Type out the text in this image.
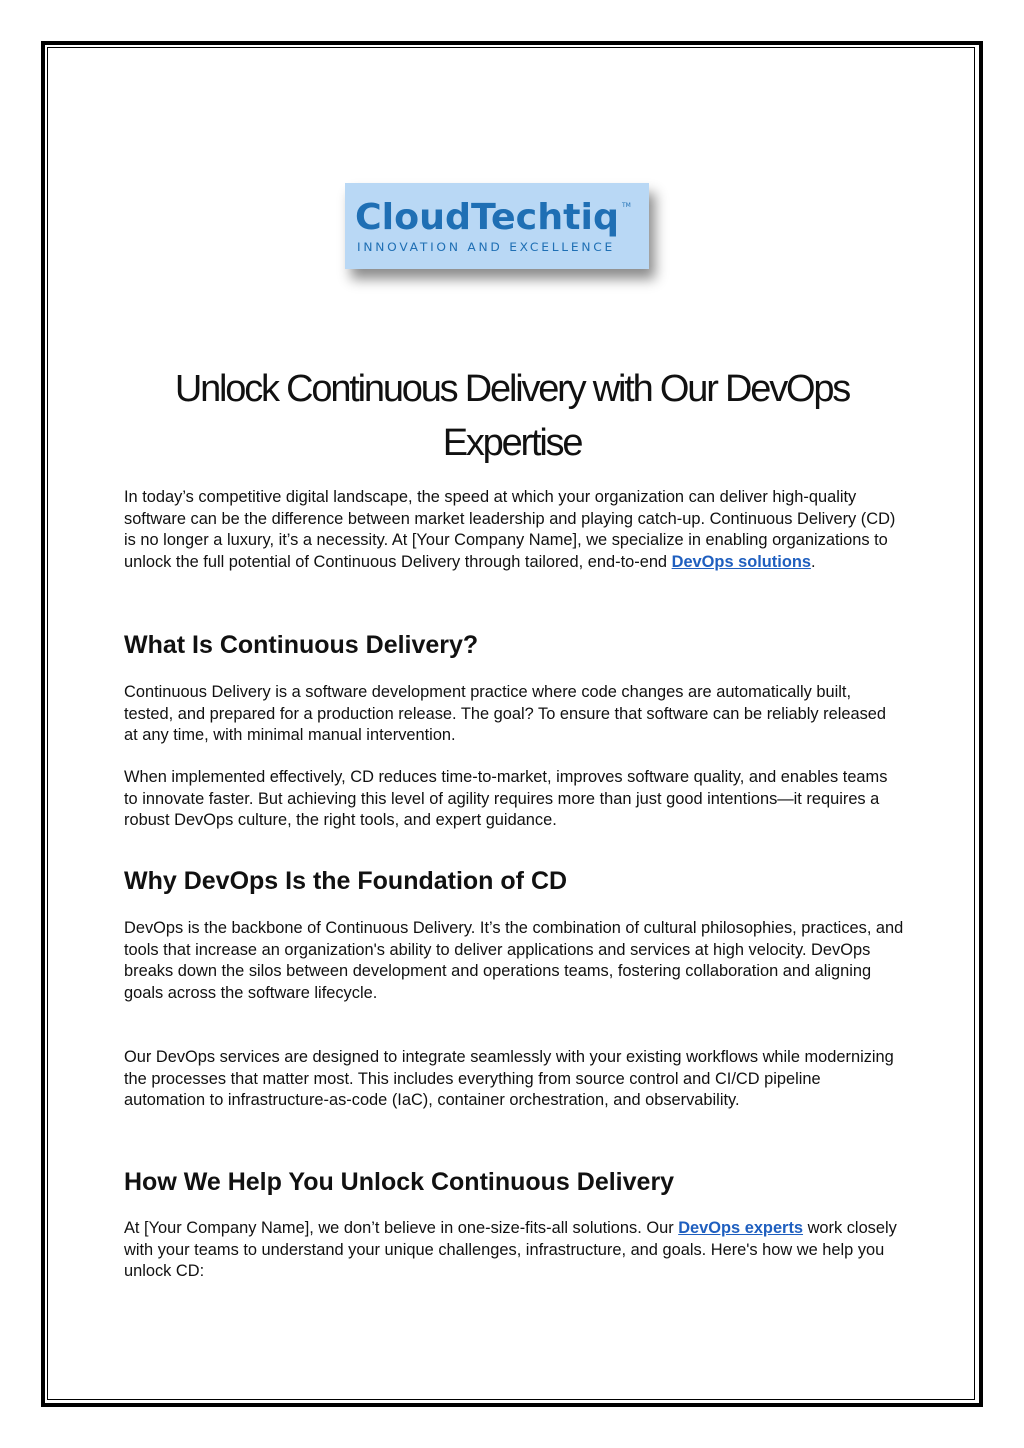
CloudTechtiq TM
INNOVATION AND EXCELLENCE
Unlock Continuous Delivery with Our DevOps
Expertise

In today’s competitive digital landscape, the speed at which your organization can deliver high-quality software can be the difference between market leadership and playing catch-up. Continuous Delivery (CD) is no longer a luxury, it’s a necessity. At [Your Company Name], we specialize in enabling organizations to unlock the full potential of Continuous Delivery through tailored, end-to-end DevOps solutions.

What Is Continuous Delivery?

Continuous Delivery is a software development practice where code changes are automatically built, tested, and prepared for a production release. The goal? To ensure that software can be reliably released at any time, with minimal manual intervention.

When implemented effectively, CD reduces time-to-market, improves software quality, and enables teams to innovate faster. But achieving this level of agility requires more than just good intentions—it requires a robust DevOps culture, the right tools, and expert guidance.

Why DevOps Is the Foundation of CD

DevOps is the backbone of Continuous Delivery. It’s the combination of cultural philosophies, practices, and tools that increase an organization's ability to deliver applications and services at high velocity. DevOps breaks down the silos between development and operations teams, fostering collaboration and aligning goals across the software lifecycle.

Our DevOps services are designed to integrate seamlessly with your existing workflows while modernizing the processes that matter most. This includes everything from source control and CI/CD pipeline automation to infrastructure-as-code (IaC), container orchestration, and observability.

How We Help You Unlock Continuous Delivery

At [Your Company Name], we don’t believe in one-size-fits-all solutions. Our DevOps experts work closely with your teams to understand your unique challenges, infrastructure, and goals. Here's how we help you unlock CD:
